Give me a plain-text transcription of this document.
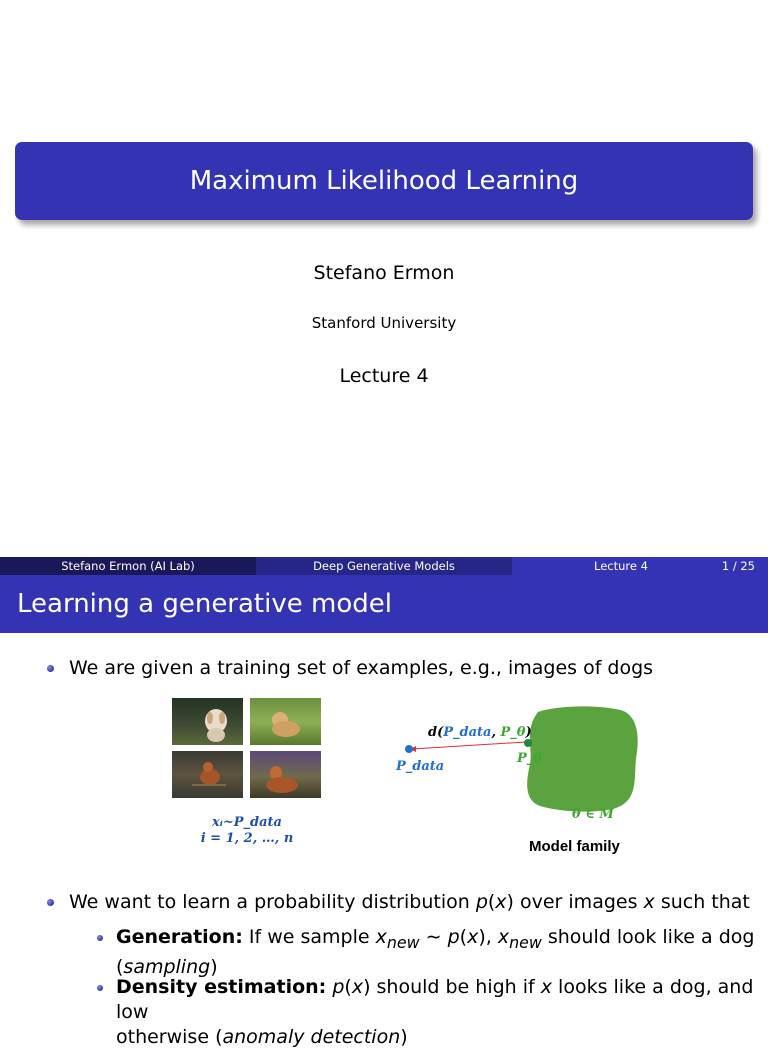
Maximum Likelihood Learning
Stefano Ermon
Stanford University
Lecture 4
Stefano Ermon (AI Lab)	Deep Generative Models	Lecture 4	1 / 25
Learning a generative model
We are given a training set of examples, e.g., images of dogs
xᵢ~P_data
i = 1, 2, …, n
d(P_data, P_θ)
P_data
P_θ
θ ∈ M
Model family
We want to learn a probability distribution p(x) over images x such that
Generation: If we sample $x_{new}$ ∼ p(x), $x_{new}$ should look like a dog
(sampling)
Density estimation: p(x) should be high if x looks like a dog, and low
otherwise (anomaly detection)
